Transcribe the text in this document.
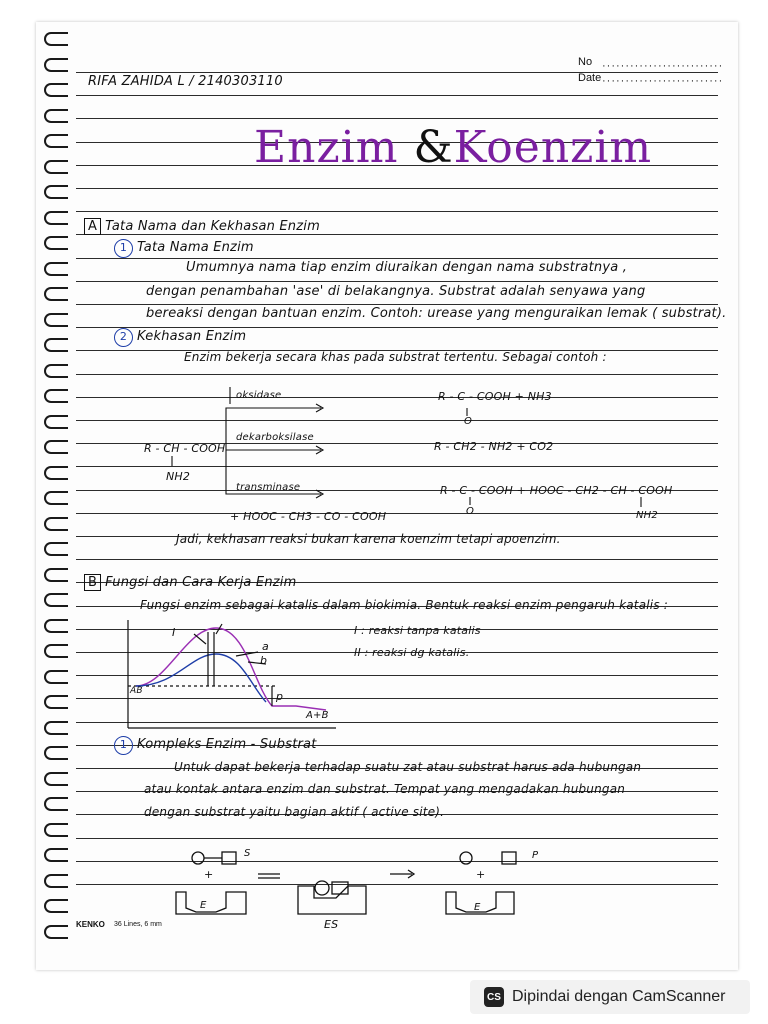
No
Date
··························
··························
RIFA ZAHIDA L / 2140303110
Enzim &Koenzim
A Tata Nama dan Kekhasan Enzim
1 Tata Nama Enzim
Umumnya nama tiap enzim diuraikan dengan nama substratnya ,
dengan penambahan 'ase' di belakangnya. Substrat adalah senyawa yang
bereaksi dengan bantuan enzim. Contoh: urease yang menguraikan lemak ( substrat).
2 Kekhasan Enzim
Enzim bekerja secara khas pada substrat tertentu. Sebagai contoh :
R - CH - COOH
NH2
oksidase
dekarboksilase
transminase
R - C - COOH + NH3
O
R - CH2 - NH2 + CO2
R - C - COOH + HOOC - CH2 - CH - COOH
O	NH2
+ HOOC - CH3 - CO - COOH
Jadi, kekhasan reaksi bukan karena koenzim tetapi apoenzim.
B Fungsi dan Cara Kerja Enzim
Fungsi enzim sebagai katalis dalam biokimia. Bentuk reaksi enzim pengaruh katalis :
I : reaksi tanpa katalis
II : reaksi dg katalis.
I
a
b
p
AB
A+B
1 Kompleks Enzim - Substrat
Untuk dapat bekerja terhadap suatu zat atau substrat harus ada hubungan
atau kontak antara enzim dan substrat. Tempat yang mengadakan hubungan
dengan substrat yaitu bagian aktif ( active site).
S	P
+	+
E	E
ES
KENKO 36 Lines, 6 mm
CS Dipindai dengan CamScanner
